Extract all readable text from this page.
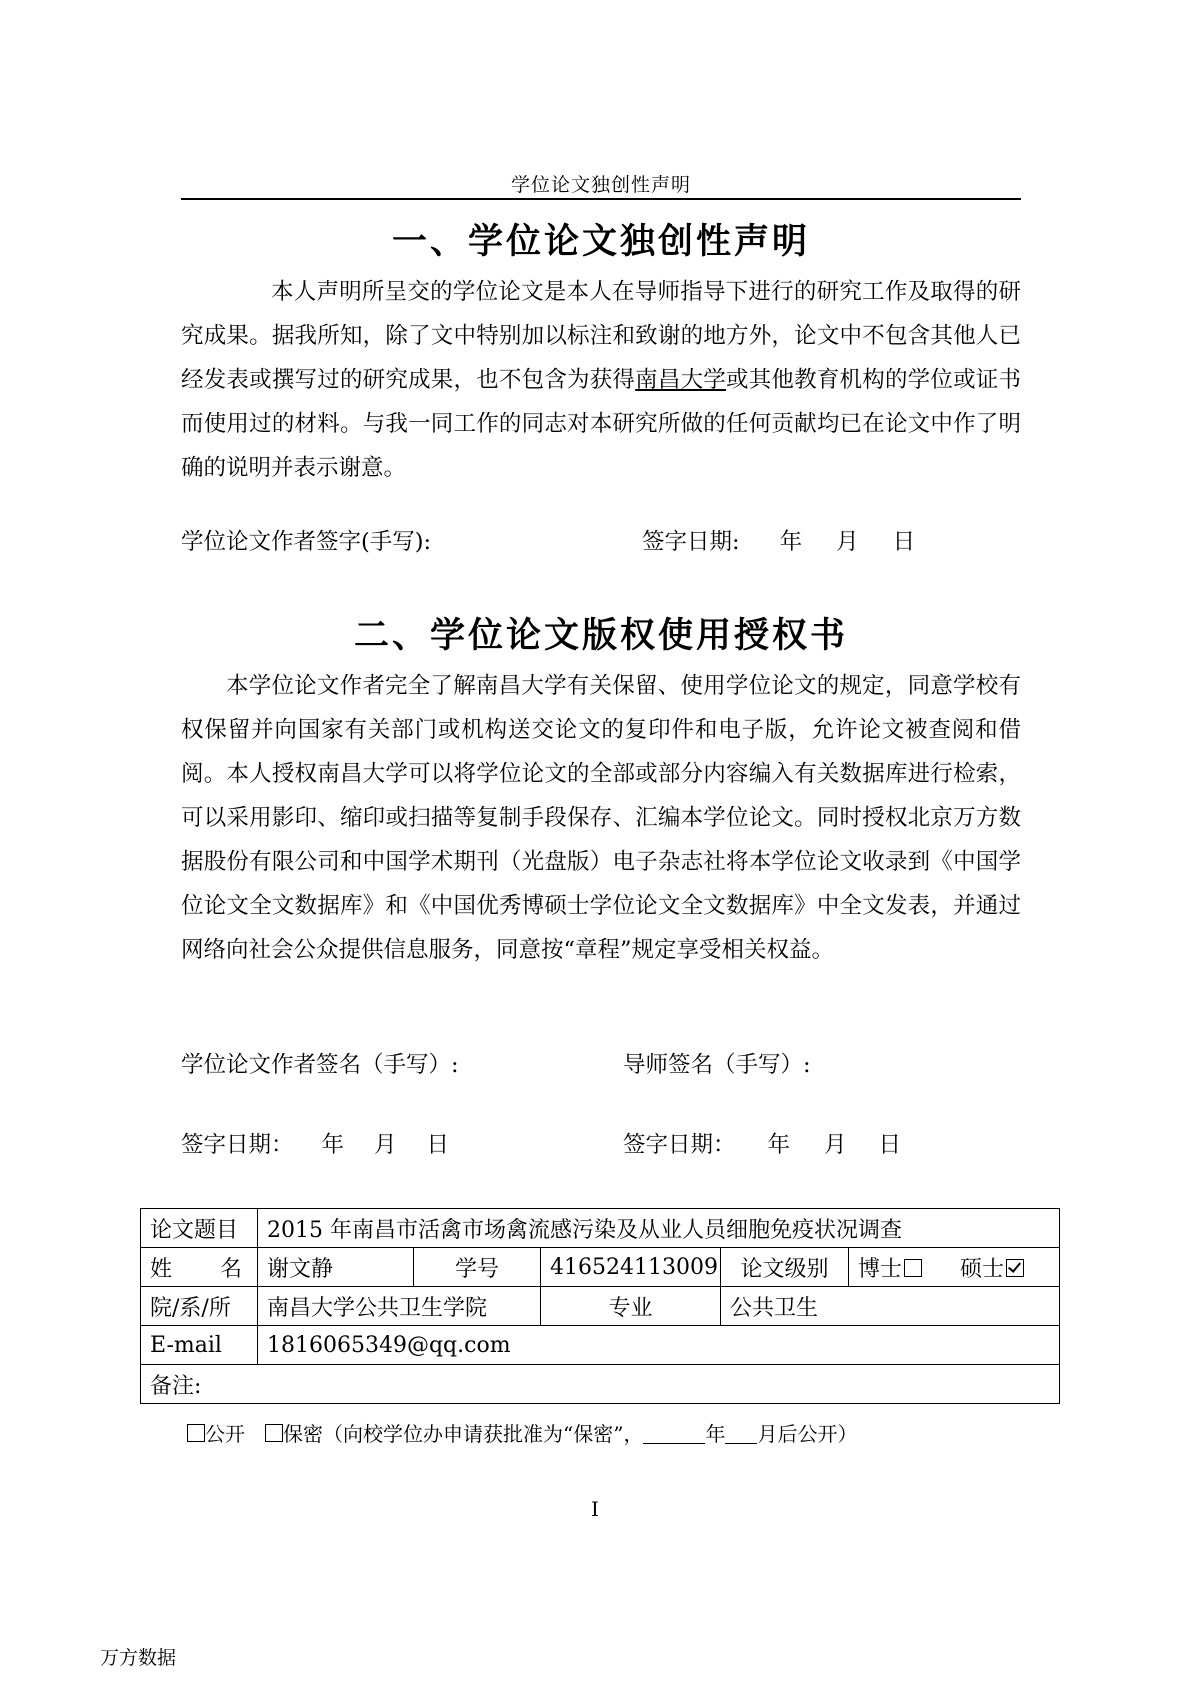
学位论文独创性声明
一、学位论文独创性声明

本人声明所呈交的学位论文是本人在导师指导下进行的研究工作及取得的研究成果。据我所知，除了文中特别加以标注和致谢的地方外，论文中不包含其他人已经发表或撰写过的研究成果，也不包含为获得南昌大学或其他教育机构的学位或证书而使用过的材料。与我一同工作的同志对本研究所做的任何贡献均已在论文中作了明确的说明并表示谢意。

学位论文作者签字(手写):	签字日期: 年 月 日
二、学位论文版权使用授权书

本学位论文作者完全了解南昌大学有关保留、使用学位论文的规定，同意学校有权保留并向国家有关部门或机构送交论文的复印件和电子版，允许论文被查阅和借阅。本人授权南昌大学可以将学位论文的全部或部分内容编入有关数据库进行检索，可以采用影印、缩印或扫描等复制手段保存、汇编本学位论文。同时授权北京万方数据股份有限公司和中国学术期刊（光盘版）电子杂志社将本学位论文收录到《中国学位论文全文数据库》和《中国优秀博硕士学位论文全文数据库》中全文发表，并通过网络向社会公众提供信息服务，同意按“章程”规定享受相关权益。

学位论文作者签名（手写）:	导师签名（手写）:
签字日期： 年 月 日	签字日期： 年 月 日
论文题目	2015 年南昌市活禽市场禽流感污染及从业人员细胞免疫状况调查				
姓名	谢文静	学号	416524113009	论文级别	博士 硕士
院/系/所	南昌大学公共卫生学院		专业	公共卫生	
E-mail	1816065349@qq.com				
备注:					
公开 保密（向校学位办申请获批准为“保密”，	年 月后公开）
I
万方数据
